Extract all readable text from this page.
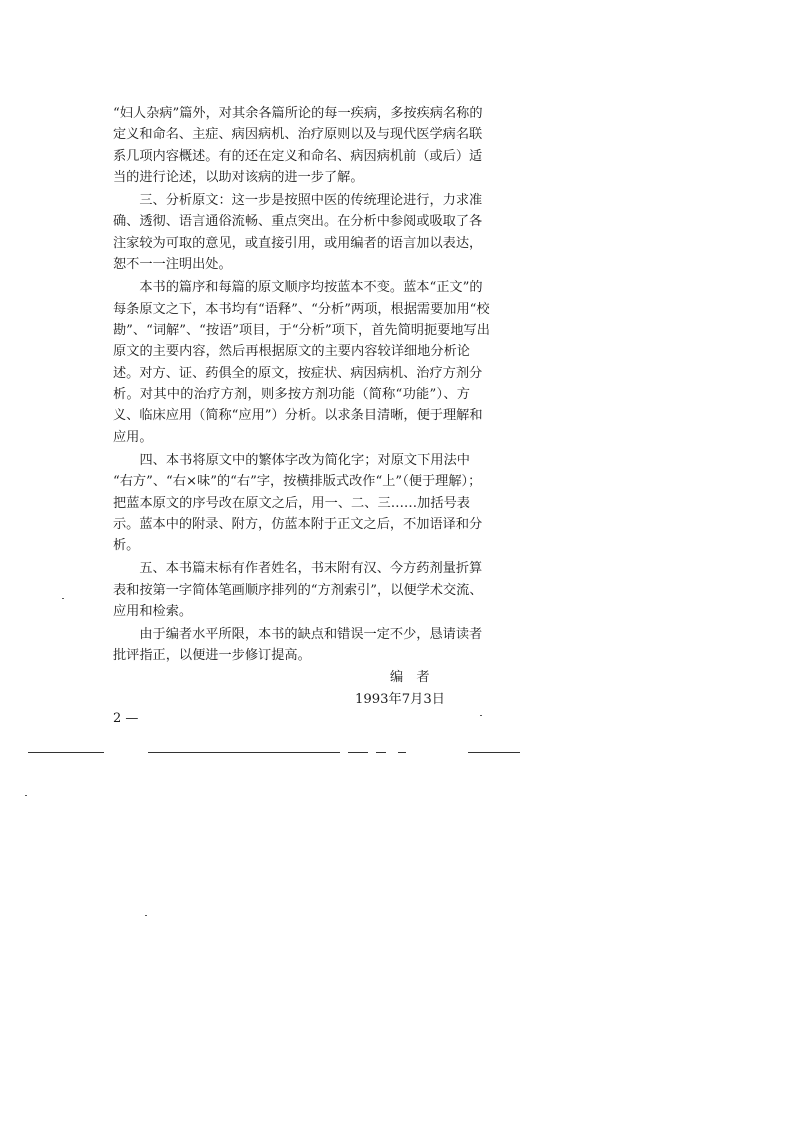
“妇人杂病”篇外，对其余各篇所论的每一疾病，多按疾病名称的
定义和命名、主症、病因病机、治疗原则以及与现代医学病名联
系几项内容概述。有的还在定义和命名、病因病机前（或后）适
当的进行论述，以助对该病的进一步了解。
　　三、分析原文：这一步是按照中医的传统理论进行，力求准
确、透彻、语言通俗流畅、重点突出。在分析中参阅或吸取了各
注家较为可取的意见，或直接引用，或用编者的语言加以表达，
恕不一一注明出处。
　　本书的篇序和每篇的原文顺序均按蓝本不变。蓝本“正文”的
每条原文之下，本书均有“语释”、“分析”两项，根据需要加用“校
勘”、“词解”、“按语”项目，于“分析”项下，首先简明扼要地写出
原文的主要内容，然后再根据原文的主要内容较详细地分析论
述。对方、证、药俱全的原文，按症状、病因病机、治疗方剂分
析。对其中的治疗方剂，则多按方剂功能（简称“功能”）、方
义、临床应用（简称“应用”）分析。以求条目清晰，便于理解和
应用。
　　四、本书将原文中的繁体字改为简化字；对原文下用法中
“右方”、“右×味”的“右”字，按横排版式改作“上”（便于理解）；
把蓝本原文的序号改在原文之后，用一、二、三……加括号表
示。蓝本中的附录、附方，仿蓝本附于正文之后，不加语译和分
析。
　　五、本书篇末标有作者姓名，书末附有汉、今方药剂量折算
表和按第一字简体笔画顺序排列的“方剂索引”，以便学术交流、
应用和检索。
　　由于编者水平所限，本书的缺点和错误一定不少，恳请读者
批评指正，以便进一步修订提高。
编　者
1993年7月3日
2 —
